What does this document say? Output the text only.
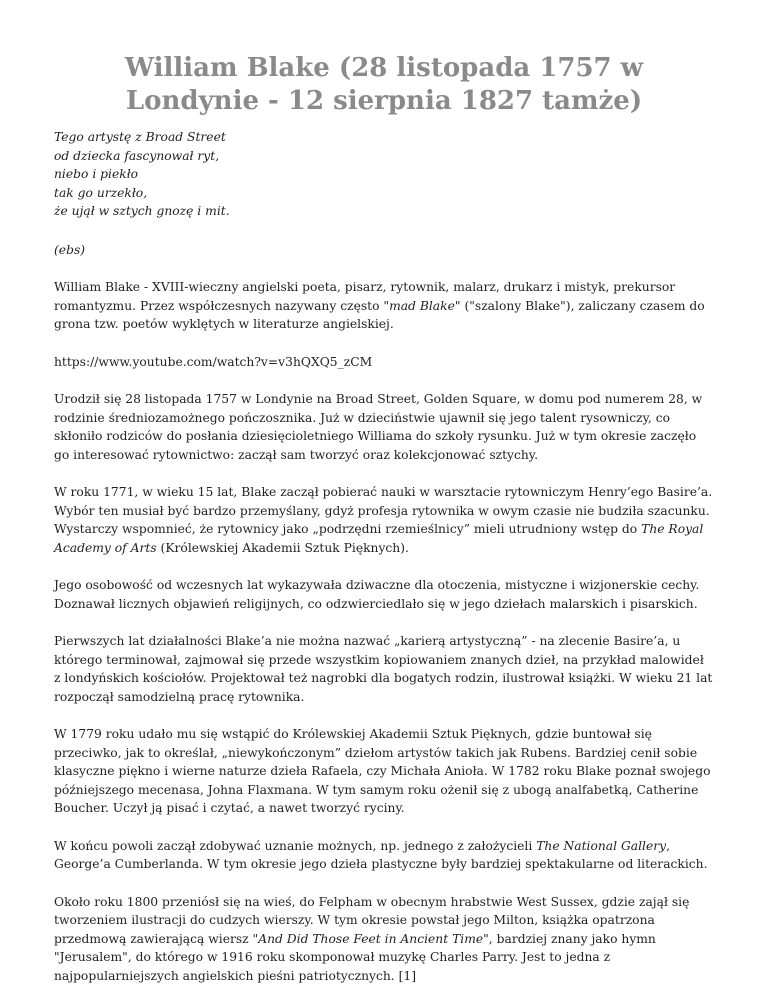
William Blake (28 listopada 1757 w Londynie - 12 sierpnia 1827 tamże)
Tego artystę z Broad Street
od dziecka fascynował ryt,
niebo i piekło
tak go urzekło,
że ujął w sztych gnozę i mit.
(ebs)

William Blake - XVIII-wieczny angielski poeta, pisarz, rytownik, malarz, drukarz i mistyk, prekursor romantyzmu. Przez współczesnych nazywany często "mad Blake" ("szalony Blake"), zaliczany czasem do grona tzw. poetów wyklętych w literaturze angielskiej.

https://www.youtube.com/watch?v=v3hQXQ5_zCM

Urodził się 28 listopada 1757 w Londynie na Broad Street, Golden Square, w domu pod numerem 28, w rodzinie średniozamożnego pończosznika. Już w dzieciństwie ujawnił się jego talent rysowniczy, co skłoniło rodziców do posłania dziesięcioletniego Williama do szkoły rysunku. Już w tym okresie zaczęło go interesować rytownictwo: zaczął sam tworzyć oraz kolekcjonować sztychy.

W roku 1771, w wieku 15 lat, Blake zaczął pobierać nauki w warsztacie rytowniczym Henry’ego Basire’a. Wybór ten musiał być bardzo przemyślany, gdyż profesja rytownika w owym czasie nie budziła szacunku. Wystarczy wspomnieć, że rytownicy jako „podrzędni rzemieślnicy” mieli utrudniony wstęp do The Royal Academy of Arts (Królewskiej Akademii Sztuk Pięknych).

Jego osobowość od wczesnych lat wykazywała dziwaczne dla otoczenia, mistyczne i wizjonerskie cechy. Doznawał licznych objawień religijnych, co odzwierciedlało się w jego dziełach malarskich i pisarskich.

Pierwszych lat działalności Blake’a nie można nazwać „karierą artystyczną” - na zlecenie Basire’a, u którego terminował, zajmował się przede wszystkim kopiowaniem znanych dzieł, na przykład malowideł z londyńskich kościołów. Projektował też nagrobki dla bogatych rodzin, ilustrował książki. W wieku 21 lat rozpoczął samodzielną pracę rytownika.

W 1779 roku udało mu się wstąpić do Królewskiej Akademii Sztuk Pięknych, gdzie buntował się przeciwko, jak to określał, „niewykończonym” dziełom artystów takich jak Rubens. Bardziej cenił sobie klasyczne piękno i wierne naturze dzieła Rafaela, czy Michała Anioła. W 1782 roku Blake poznał swojego późniejszego mecenasa, Johna Flaxmana. W tym samym roku ożenił się z ubogą analfabetką, Catherine Boucher. Uczył ją pisać i czytać, a nawet tworzyć ryciny.

W końcu powoli zaczął zdobywać uznanie możnych, np. jednego z założycieli The National Gallery, George’a Cumberlanda. W tym okresie jego dzieła plastyczne były bardziej spektakularne od literackich.

Około roku 1800 przeniósł się na wieś, do Felpham w obecnym hrabstwie West Sussex, gdzie zajął się tworzeniem ilustracji do cudzych wierszy. W tym okresie powstał jego Milton, książka opatrzona przedmową zawierającą wiersz "And Did Those Feet in Ancient Time", bardziej znany jako hymn "Jerusalem", do którego w 1916 roku skomponował muzykę Charles Parry. Jest to jedna z najpopularniejszych angielskich pieśni patriotycznych. [1]
